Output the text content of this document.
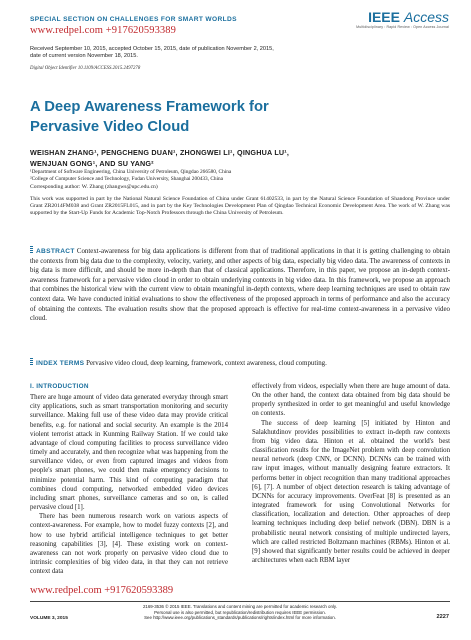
SPECIAL SECTION ON CHALLENGES FOR SMART WORLDS
www.redpel.com +917620593389
IEEE Access
Multidisciplinary : Rapid Review : Open Access Journal
Received September 10, 2015, accepted October 15, 2015, date of publication November 2, 2015,
date of current version November 18, 2015.
Digital Object Identifier 10.1109/ACCESS.2015.2497278
A Deep Awareness Framework for
Pervasive Video Cloud
WEISHAN ZHANG¹, PENGCHENG DUAN¹, ZHONGWEI LI¹, QINGHUA LU¹,
WENJUAN GONG¹, AND SU YANG²
¹Department of Software Engineering, China University of Petroleum, Qingdao 266580, China
²College of Computer Science and Technology, Fudan University, Shanghai 200433, China
Corresponding author: W. Zhang (zhangws@upc.edu.cn)
This work was supported in part by the National Natural Science Foundation of China under Grant 61402533, in part by the Natural Science Foundation of Shandong Province under Grant ZR2014FM038 and Grant ZR2015FL015, and in part by the Key Technologies Development Plan of Qingdao Technical Economic Development Area. The work of W. Zhang was supported by the Start-Up Funds for Academic Top-Notch Professors through the China University of Petroleum.
ABSTRACT Context-awareness for big data applications is different from that of traditional applications in that it is getting challenging to obtain the contexts from big data due to the complexity, velocity, variety, and other aspects of big data, especially big video data. The awareness of contexts in big data is more difficult, and should be more in-depth than that of classical applications. Therefore, in this paper, we propose an in-depth context-awareness framework for a pervasive video cloud in order to obtain underlying contexts in big video data. In this framework, we propose an approach that combines the historical view with the current view to obtain meaningful in-depth contexts, where deep learning techniques are used to obtain raw context data. We have conducted initial evaluations to show the effectiveness of the proposed approach in terms of performance and also the accuracy of obtaining the contexts. The evaluation results show that the proposed approach is effective for real-time context-awareness in a pervasive video cloud.
INDEX TERMS Pervasive video cloud, deep learning, framework, context awareness, cloud computing.
I. INTRODUCTION
There are huge amount of video data generated everyday through smart city applications, such as smart transportation monitoring and security surveillance. Making full use of these video data may provide critical benefits, e.g. for national and social security. An example is the 2014 violent terrorist attack in Kunming Railway Station. If we could take advantage of cloud computing facilities to process surveillance video timely and accurately, and then recognize what was happening from the surveillance video, or even from captured images and videos from people's smart phones, we could then make emergency decisions to minimize potential harm. This kind of computing paradigm that combines cloud computing, networked embedded video devices including smart phones, surveillance cameras and so on, is called pervasive cloud [1].
There has been numerous research work on various aspects of context-awareness. For example, how to model fuzzy contexts [2], and how to use hybrid artificial intelligence techniques to get better reasoning capabilities [3], [4]. These existing work on context-awareness can not work properly on pervasive video cloud due to intrinsic complexities of big video data, in that they can not retrieve context data
effectively from videos, especially when there are huge amount of data. On the other hand, the context data obtained from big data should be properly synthesized in order to get meaningful and useful knowledge on contexts.
The success of deep learning [5] initiated by Hinton and Salakhutdinov provides possibilities to extract in-depth raw contexts from big video data. Hinton et al. obtained the world's best classification results for the ImageNet problem with deep convolution neural network (deep CNN, or DCNN). DCNNs can be trained with raw input images, without manually designing feature extractors. It performs better in object recognition than many traditional approaches [6], [7]. A number of object detection research is taking advantage of DCNNs for accuracy improvements. OverFeat [8] is presented as an integrated framework for using Convolutional Networks for classification, localization and detection. Other approaches of deep learning techniques including deep belief network (DBN). DBN is a probabilistic neural network consisting of multiple undirected layers, which are called restricted Boltzmann machines (RBMs). Hinton et al. [9] showed that significantly better results could be achieved in deeper architectures when each RBM layer
www.redpel.com +917620593389
2169-3536 © 2015 IEEE. Translations and content mining are permitted for academic research only.
Personal use is also permitted, but republication/redistribution requires IEEE permission.
See http://www.ieee.org/publications_standards/publications/rights/index.html for more information.
VOLUME 3, 2015	2227
